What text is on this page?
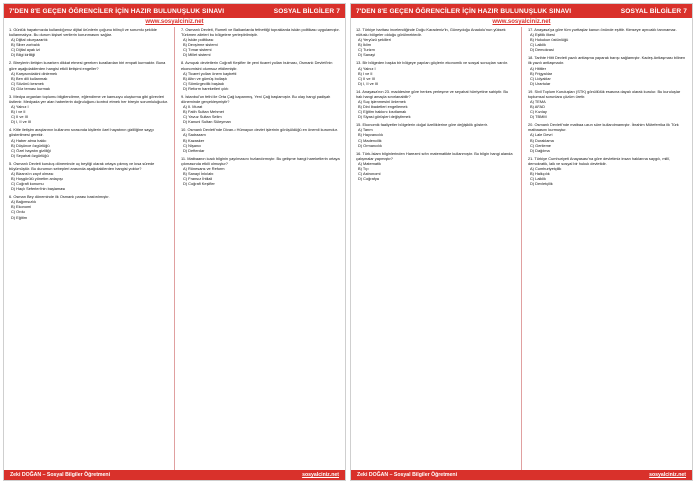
7'DEN 8'E GEÇEN ÖĞRENCİLER İÇİN HAZIR BULUNUŞLUK SINAVI	SOSYAL BİLGİLER 7
www.sosyalciniz.net

1. Günlük hayatımızda kullandığımız dijital ürünlerin çoğunu bilinçli ve sorumlu şekilde kullanmalıyız. Bu durum kişisel verilerin korunmasını sağlar.

A) Dijital okuryazarlık
B) Siber zorbalık
C) Dijital ayak izi
D) Bilgi kirliliği

2. Bireylerin iletişim kurarken dikkat etmesi gereken kurallardan biri empati kurmaktır. Buna göre aşağıdakilerden hangisi etkili iletişimi engeller?

A) Karşısındakini dinlemek
B) Ben dili kullanmak
C) Sözünü kesmek
D) Göz teması kurmak

3. Medya organları toplumu bilgilendirme, eğlendirme ve kamuoyu oluşturma gibi görevleri üstlenir. Medyada yer alan haberlerin doğruluğunu kontrol etmek her bireyin sorumluluğudur.

A) Yalnız I
B) I ve II
C) II ve III
D) I, II ve III

4. Kitle iletişim araçlarının kullanımı sırasında kişilerin özel hayatının gizliliğine saygı gösterilmesi gerekir.

A) Haber alma hakkı
B) Düşünce özgürlüğü
C) Özel hayatın gizliliği
D) Seyahat özgürlüğü

5. Osmanlı Devleti kuruluş döneminde uç beyliği olarak ortaya çıkmış ve kısa sürede büyümüştür. Bu durumun sebepleri arasında aşağıdakilerden hangisi yoktur?

A) Bizans'ın zayıf olması
B) Hoşgörülü yönetim anlayışı
C) Coğrafi konumu
D) Haçlı Seferleri'nin başlaması

6. Osman Bey döneminde ilk Osmanlı parası bastırılmıştır.

A) Bağımsızlık
B) Ekonomi
C) Ordu
D) Eğitim

7. Osmanlı Devleti, Rumeli ve Balkanlarda fethettiği topraklarda iskân politikası uygulamıştır. Türkmen aileleri bu bölgelere yerleştirilmiştir.

A) İskân politikası
B) Devşirme sistemi
C) Tımar sistemi
D) Millet sistemi

8. Avrupalı devletlerin Coğrafi Keşifler ile yeni ticaret yolları bulması, Osmanlı Devleti'nin ekonomisini olumsuz etkilemiştir.

A) Ticaret yolları önem kaybetti
B) Altın ve gümüş bollaştı
C) Sömürgecilik başladı
D) Reform hareketleri çıktı

9. İstanbul'un fethi ile Orta Çağ kapanmış, Yeni Çağ başlamıştır. Bu olay hangi padişah döneminde gerçekleşmiştir?

A) II. Murat
B) Fatih Sultan Mehmet
C) Yavuz Sultan Selim
D) Kanuni Sultan Süleyman

10. Osmanlı Devleti'nde Divan-ı Hümayun devlet işlerinin görüşüldüğü en önemli kurumdur.

A) Sadrazam
B) Kazasker
C) Nişancı
D) Defterdar

11. Matbaanın icadı bilginin yayılmasını hızlandırmıştır. Bu gelişme hangi hareketlerin ortaya çıkmasında etkili olmuştur?

A) Rönesans ve Reform
B) Sanayi İnkılabı
C) Fransız İhtilali
D) Coğrafi Keşifler
Zeki DOĞAN – Sosyal Bilgiler Öğretmeni	sosyalciniz.net
7'DEN 8'E GEÇEN ÖĞRENCİLER İÇİN HAZIR BULUNUŞLUK SINAVI	SOSYAL BİLGİLER 7
www.sosyalciniz.net

12. Türkiye haritası incelendiğinde Doğu Karadeniz'in, Güneydoğu Anadolu'nun yüksek nüfuslu bölgeler olduğu görülmektedir.

A) Yeryüzü şekilleri
B) İklim
C) Turizm
D) Sanayi

13. Bir bölgeden başka bir bölgeye yapılan göçlerin ekonomik ve sosyal sonuçları vardır.

A) Yalnız I
B) I ve II
C) II ve III
D) I, II ve III

14. Anayasa'nın 23. maddesine göre herkes yerleşme ve seyahat hürriyetine sahiptir. Bu hak hangi amaçla sınırlanabilir?

A) Suç işlenmesini önlemek
B) Dini ibadetleri engellemek
C) Eğitim hakkını kısıtlamak
D) Siyasi görüşleri değiştirmek

15. Ekonomik faaliyetler bölgelerin doğal özelliklerine göre değişiklik gösterir.

A) Tarım
B) Hayvancılık
C) Madencilik
D) Ormancılık

16. Türk-İslam bilginlerinden Harezmi sıfırı matematikte kullanmıştır. Bu bilgin hangi alanda çalışmalar yapmıştır?

A) Matematik
B) Tıp
C) Astronomi
D) Coğrafya

17. Anayasa'ya göre tüm yurttaşlar kanun önünde eşittir. Kimseye ayrıcalık tanınamaz.

A) Eşitlik ilkesi
B) Hukukun üstünlüğü
C) Laiklik
D) Demokrasi

18. Tarihte Hitit Devleti yazılı antlaşma yaparak barışı sağlamıştır. Kadeş Antlaşması bilinen ilk yazılı antlaşmadır.

A) Hititler
B) Frigyalılar
C) Lidyalılar
D) Urartular

19. Sivil Toplum Kuruluşları (STK) gönüllülük esasına dayalı olarak kurulur. Bu kuruluşlar toplumsal sorunlara çözüm üretir.

A) TEMA
B) AFAD
C) Kızılay
D) TBMM

20. Osmanlı Devleti'nde matbaa uzun süre kullanılmamıştır. İbrahim Müteferrika ilk Türk matbaasını kurmuştur.

A) Lale Devri
B) Duraklama
C) Gerileme
D) Dağılma

21. Türkiye Cumhuriyeti Anayasası'na göre devletimiz insan haklarına saygılı, millî, demokratik, laik ve sosyal bir hukuk devletidir.

A) Cumhuriyetçilik
B) Halkçılık
C) Laiklik
D) Devletçilik
Zeki DOĞAN – Sosyal Bilgiler Öğretmeni	sosyalciniz.net
